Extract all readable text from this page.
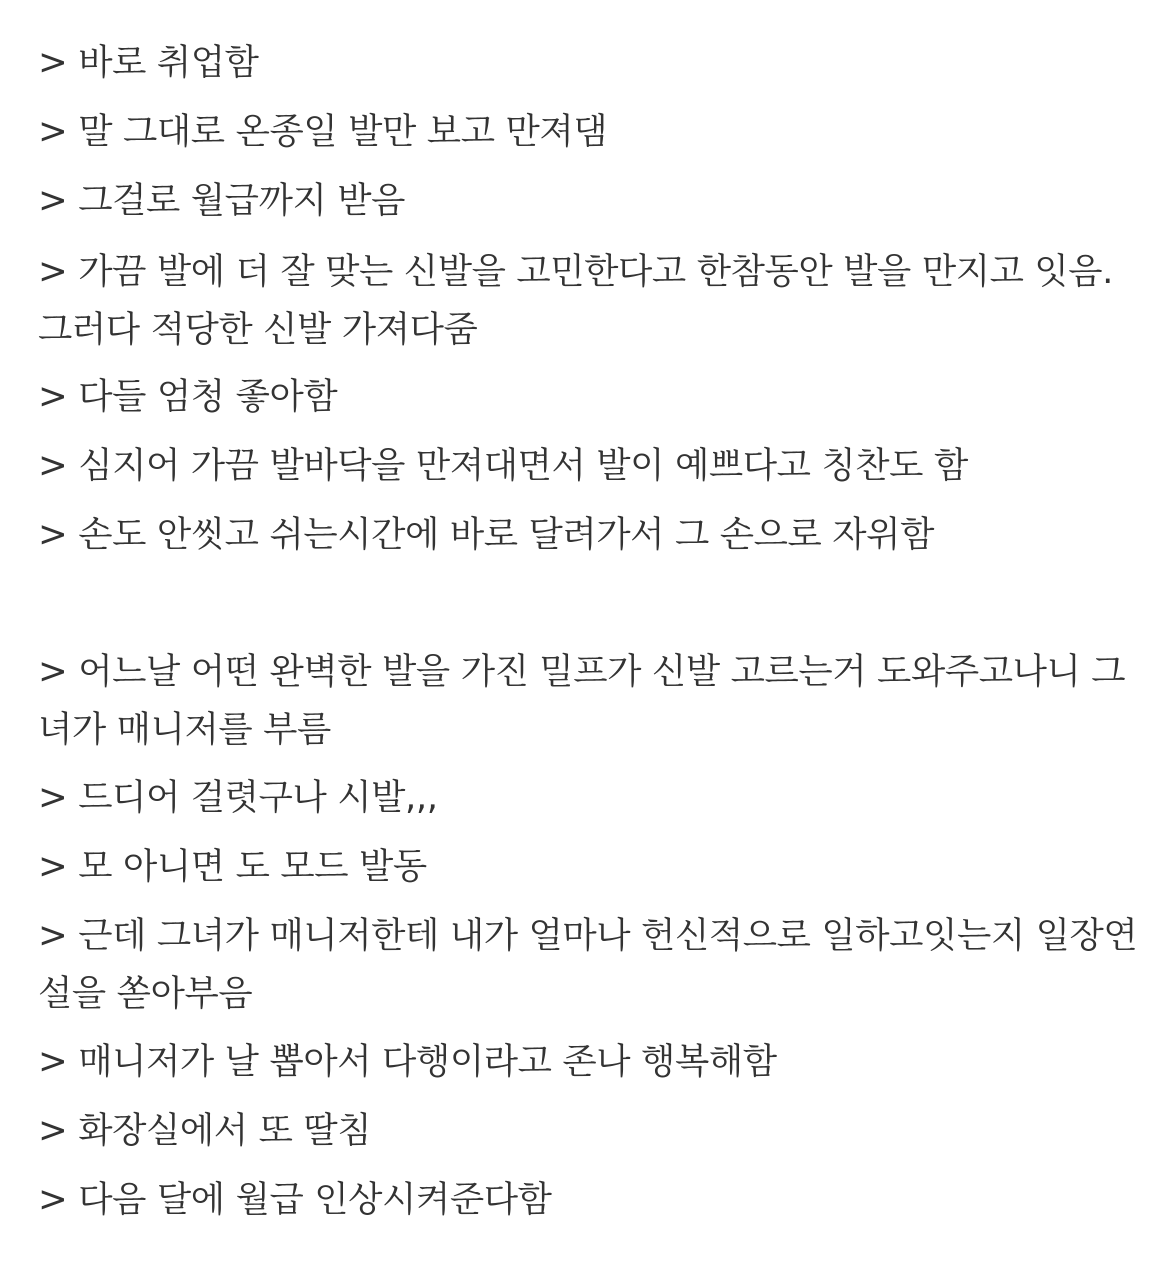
> 바로 취업함

> 말 그대로 온종일 발만 보고 만져댐

> 그걸로 월급까지 받음

> 가끔 발에 더 잘 맞는 신발을 고민한다고 한참동안 발을 만지고 잇음.
그러다 적당한 신발 가져다줌

> 다들 엄청 좋아함

> 심지어 가끔 발바닥을 만져대면서 발이 예쁘다고 칭찬도 함

> 손도 안씻고 쉬는시간에 바로 달려가서 그 손으로 자위함

> 어느날 어떤 완벽한 발을 가진 밀프가 신발 고르는거 도와주고나니 그
녀가 매니저를 부름

> 드디어 걸렷구나 시발,,,

> 모 아니면 도 모드 발동

> 근데 그녀가 매니저한테 내가 얼마나 헌신적으로 일하고잇는지 일장연
설을 쏟아부음

> 매니저가 날 뽑아서 다행이라고 존나 행복해함

> 화장실에서 또 딸침

> 다음 달에 월급 인상시켜준다함
